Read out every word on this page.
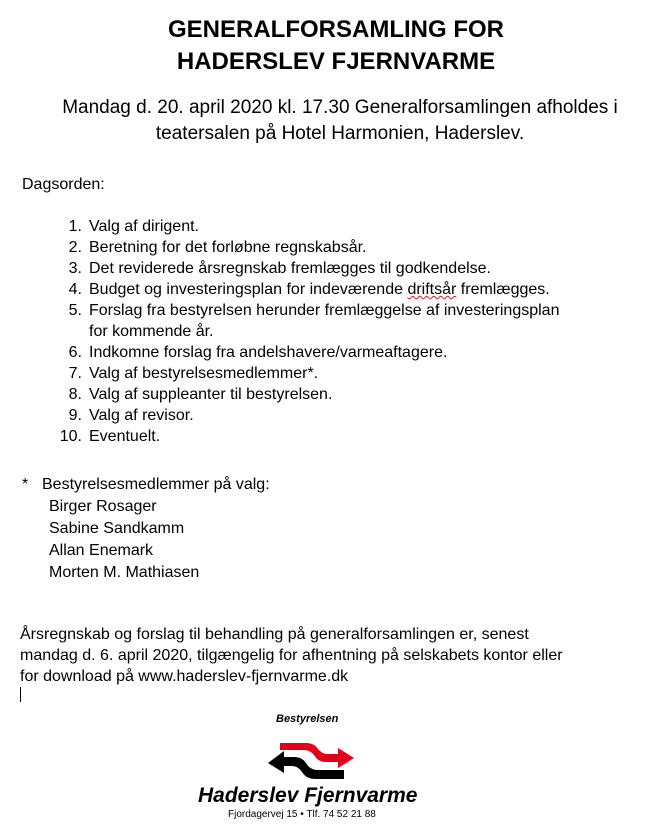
GENERALFORSAMLING FOR
HADERSLEV FJERNVARME
Mandag d. 20. april 2020 kl. 17.30 Generalforsamlingen afholdes i
teatersalen på Hotel Harmonien, Haderslev.
Dagsorden:
1. Valg af dirigent.
2. Beretning for det forløbne regnskabsår.
3. Det reviderede årsregnskab fremlægges til godkendelse.
4. Budget og investeringsplan for indeværende driftsår fremlægges.
5. Forslag fra bestyrelsen herunder fremlæggelse af investeringsplan
for kommende år.
6. Indkomne forslag fra andelshavere/varmeaftagere.
7. Valg af bestyrelsesmedlemmer*.
8. Valg af suppleanter til bestyrelsen.
9. Valg af revisor.
10. Eventuelt.
* Bestyrelsesmedlemmer på valg:
Birger Rosager
Sabine Sandkamm
Allan Enemark
Morten M. Mathiasen
Årsregnskab og forslag til behandling på generalforsamlingen er, senest
mandag d. 6. april 2020, tilgængelig for afhentning på selskabets kontor eller
for download på www.haderslev-fjernvarme.dk
Bestyrelsen
Haderslev Fjernvarme
Fjordagervej 15 • Tlf. 74 52 21 88
